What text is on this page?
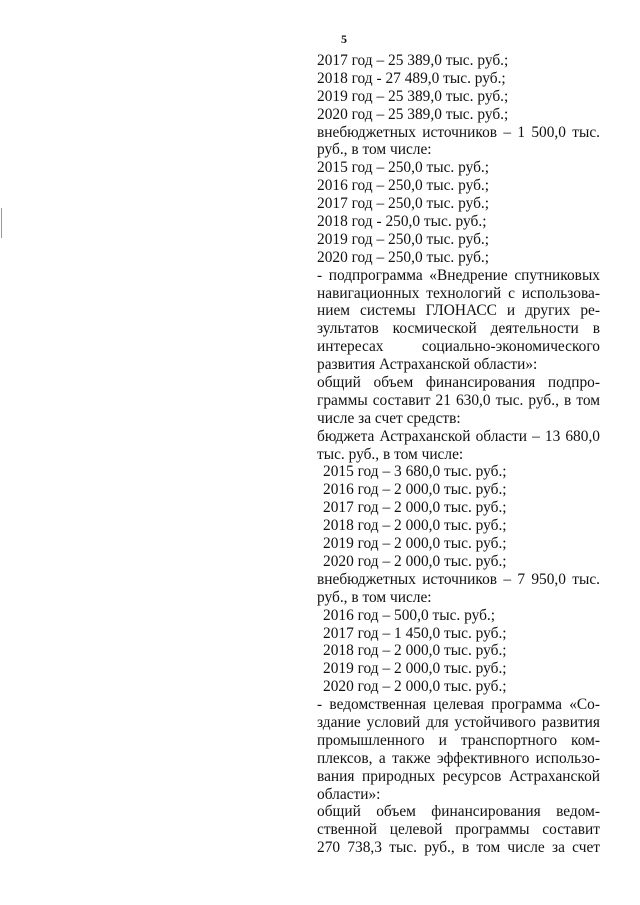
5
2017 год – 25 389,0 тыс. руб.;
2018 год - 27 489,0 тыс. руб.;
2019 год – 25 389,0 тыс. руб.;
2020 год – 25 389,0 тыс. руб.;
внебюджетных источников – 1 500,0 тыс.
руб., в том числе:
2015 год – 250,0 тыс. руб.;
2016 год – 250,0 тыс. руб.;
2017 год – 250,0 тыс. руб.;
2018 год - 250,0 тыс. руб.;
2019 год – 250,0 тыс. руб.;
2020 год – 250,0 тыс. руб.;
- подпрограмма «Внедрение спутниковых
навигационных технологий с использова-
нием системы ГЛОНАСС и других ре-
зультатов космической деятельности в
интересах социально-экономического
развития Астраханской области»:
общий объем финансирования подпро-
граммы составит 21 630,0 тыс. руб., в том
числе за счет средств:
бюджета Астраханской области – 13 680,0
тыс. руб., в том числе:
2015 год – 3 680,0 тыс. руб.;
2016 год – 2 000,0 тыс. руб.;
2017 год – 2 000,0 тыс. руб.;
2018 год – 2 000,0 тыс. руб.;
2019 год – 2 000,0 тыс. руб.;
2020 год – 2 000,0 тыс. руб.;
внебюджетных источников – 7 950,0 тыс.
руб., в том числе:
2016 год – 500,0 тыс. руб.;
2017 год – 1 450,0 тыс. руб.;
2018 год – 2 000,0 тыс. руб.;
2019 год – 2 000,0 тыс. руб.;
2020 год – 2 000,0 тыс. руб.;
- ведомственная целевая программа «Со-
здание условий для устойчивого развития
промышленного и транспортного ком-
плексов, а также эффективного использо-
вания природных ресурсов Астраханской
области»:
общий объем финансирования ведом-
ственной целевой программы составит
270 738,3 тыс. руб., в том числе за счет
